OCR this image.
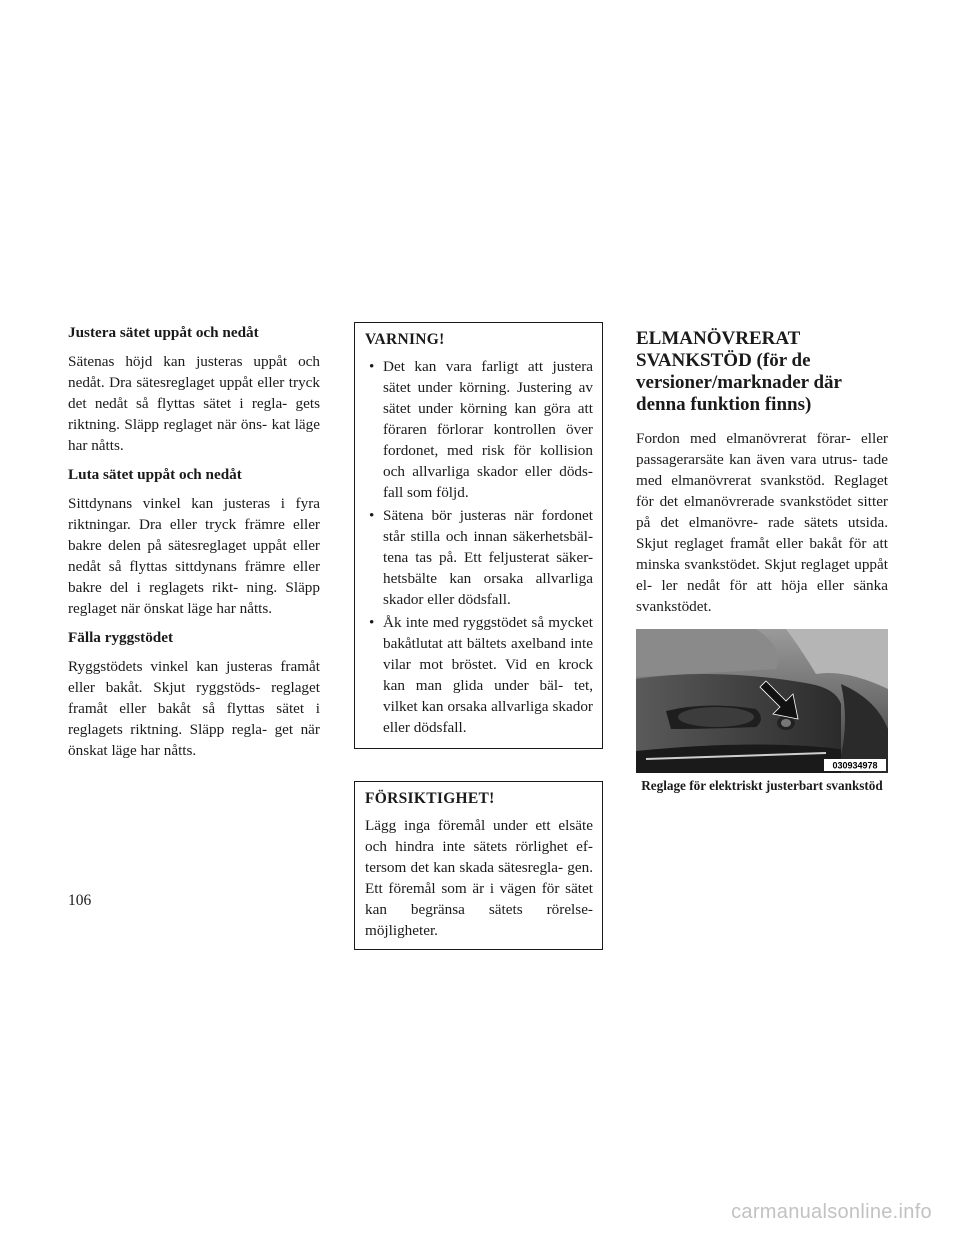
Justera sätet uppåt och nedåt

Sätenas höjd kan justeras uppåt och nedåt. Dra sätesreglaget uppåt eller tryck det nedåt så flyttas sätet i regla- gets riktning. Släpp reglaget när öns- kat läge har nåtts.

Luta sätet uppåt och nedåt

Sittdynans vinkel kan justeras i fyra riktningar. Dra eller tryck främre eller bakre delen på sätesreglaget uppåt eller nedåt så flyttas sittdynans främre eller bakre del i reglagets rikt- ning. Släpp reglaget när önskat läge har nåtts.

Fälla ryggstödet

Ryggstödets vinkel kan justeras framåt eller bakåt. Skjut ryggstöds- reglaget framåt eller bakåt så flyttas sätet i reglagets riktning. Släpp regla- get när önskat läge har nåtts.

VARNING!
• Det kan vara farligt att justera sätet under körning. Justering av sätet under körning kan göra att föraren förlorar kontrollen över fordonet, med risk för kollision och allvarliga skador eller döds- fall som följd.
• Sätena bör justeras när fordonet står stilla och innan säkerhetsbäl- tena tas på. Ett feljusterat säker- hetsbälte kan orsaka allvarliga skador eller dödsfall.
• Åk inte med ryggstödet så mycket bakåtlutat att bältets axelband inte vilar mot bröstet. Vid en krock kan man glida under bäl- tet, vilket kan orsaka allvarliga skador eller dödsfall.
FÖRSIKTIGHET!

Lägg inga föremål under ett elsäte och hindra inte sätets rörlighet ef- tersom det kan skada sätesregla- gen. Ett föremål som är i vägen för sätet kan begränsa sätets rörelse- möjligheter.

ELMANÖVRERAT SVANKSTÖD (för de versioner/marknader där denna funktion finns)

Fordon med elmanövrerat förar- eller passagerarsäte kan även vara utrus- tade med elmanövrerat svankstöd. Reglaget för det elmanövrerade svankstödet sitter på det elmanövre- rade sätets utsida. Skjut reglaget framåt eller bakåt för att minska svankstödet. Skjut reglaget uppåt el- ler nedåt för att höja eller sänka svankstödet.

030934978
Reglage för elektriskt justerbart svankstöd
106
carmanualsonline.info
